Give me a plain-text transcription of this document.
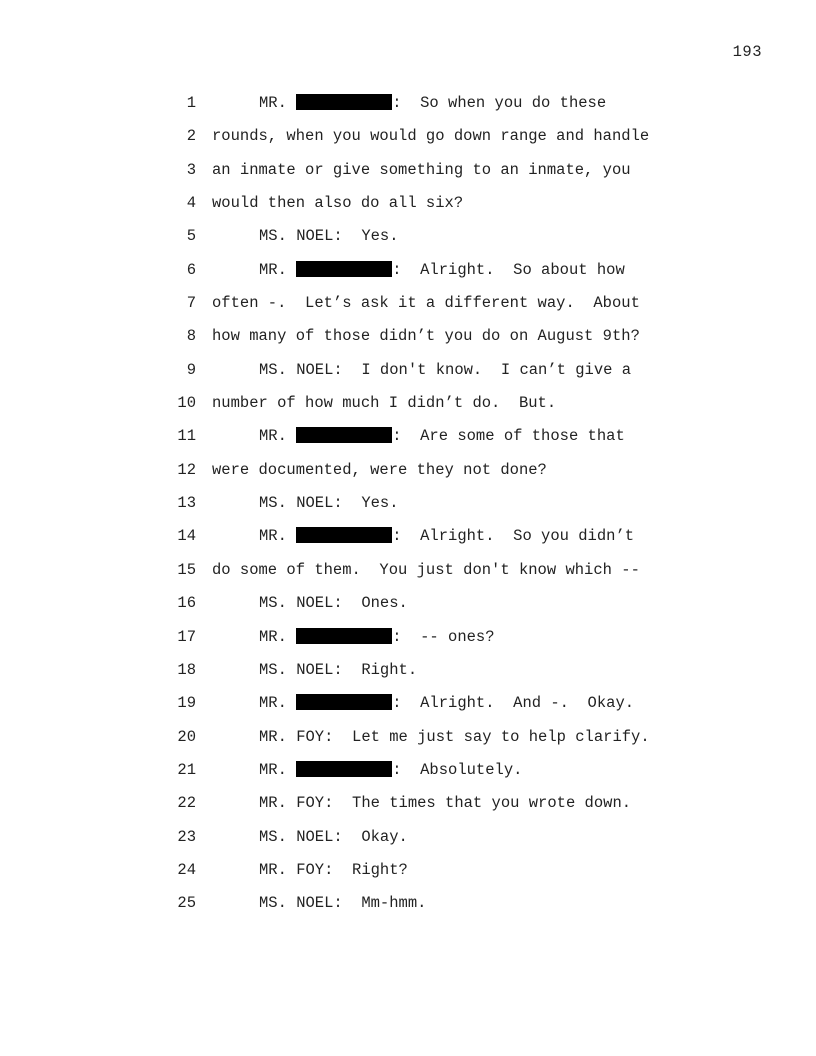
193

1	MR.	:  So when you do these
2 rounds, when you would go down range and handle
3 an inmate or give something to an inmate, you
4 would then also do all six?
5	MS. NOEL:  Yes.
6	MR.	:  Alright.  So about how
7 often -.  Let’s ask it a different way.  About
8 how many of those didn’t you do on August 9th?
9	MS. NOEL:  I don't know.  I can’t give a
10 number of how much I didn’t do.  But.
11	MR.	:  Are some of those that
12 were documented, were they not done?
13	MS. NOEL:  Yes.
14	MR.	:  Alright.  So you didn’t
15 do some of them.  You just don't know which --
16	MS. NOEL:  Ones.
17	MR.	:  -- ones?
18	MS. NOEL:  Right.
19	MR.	:  Alright.  And -.  Okay.
20	MR. FOY:  Let me just say to help clarify.
21	MR.	:  Absolutely.
22	MR. FOY:  The times that you wrote down.
23	MS. NOEL:  Okay.
24	MR. FOY:  Right?
25	MS. NOEL:  Mm-hmm.
